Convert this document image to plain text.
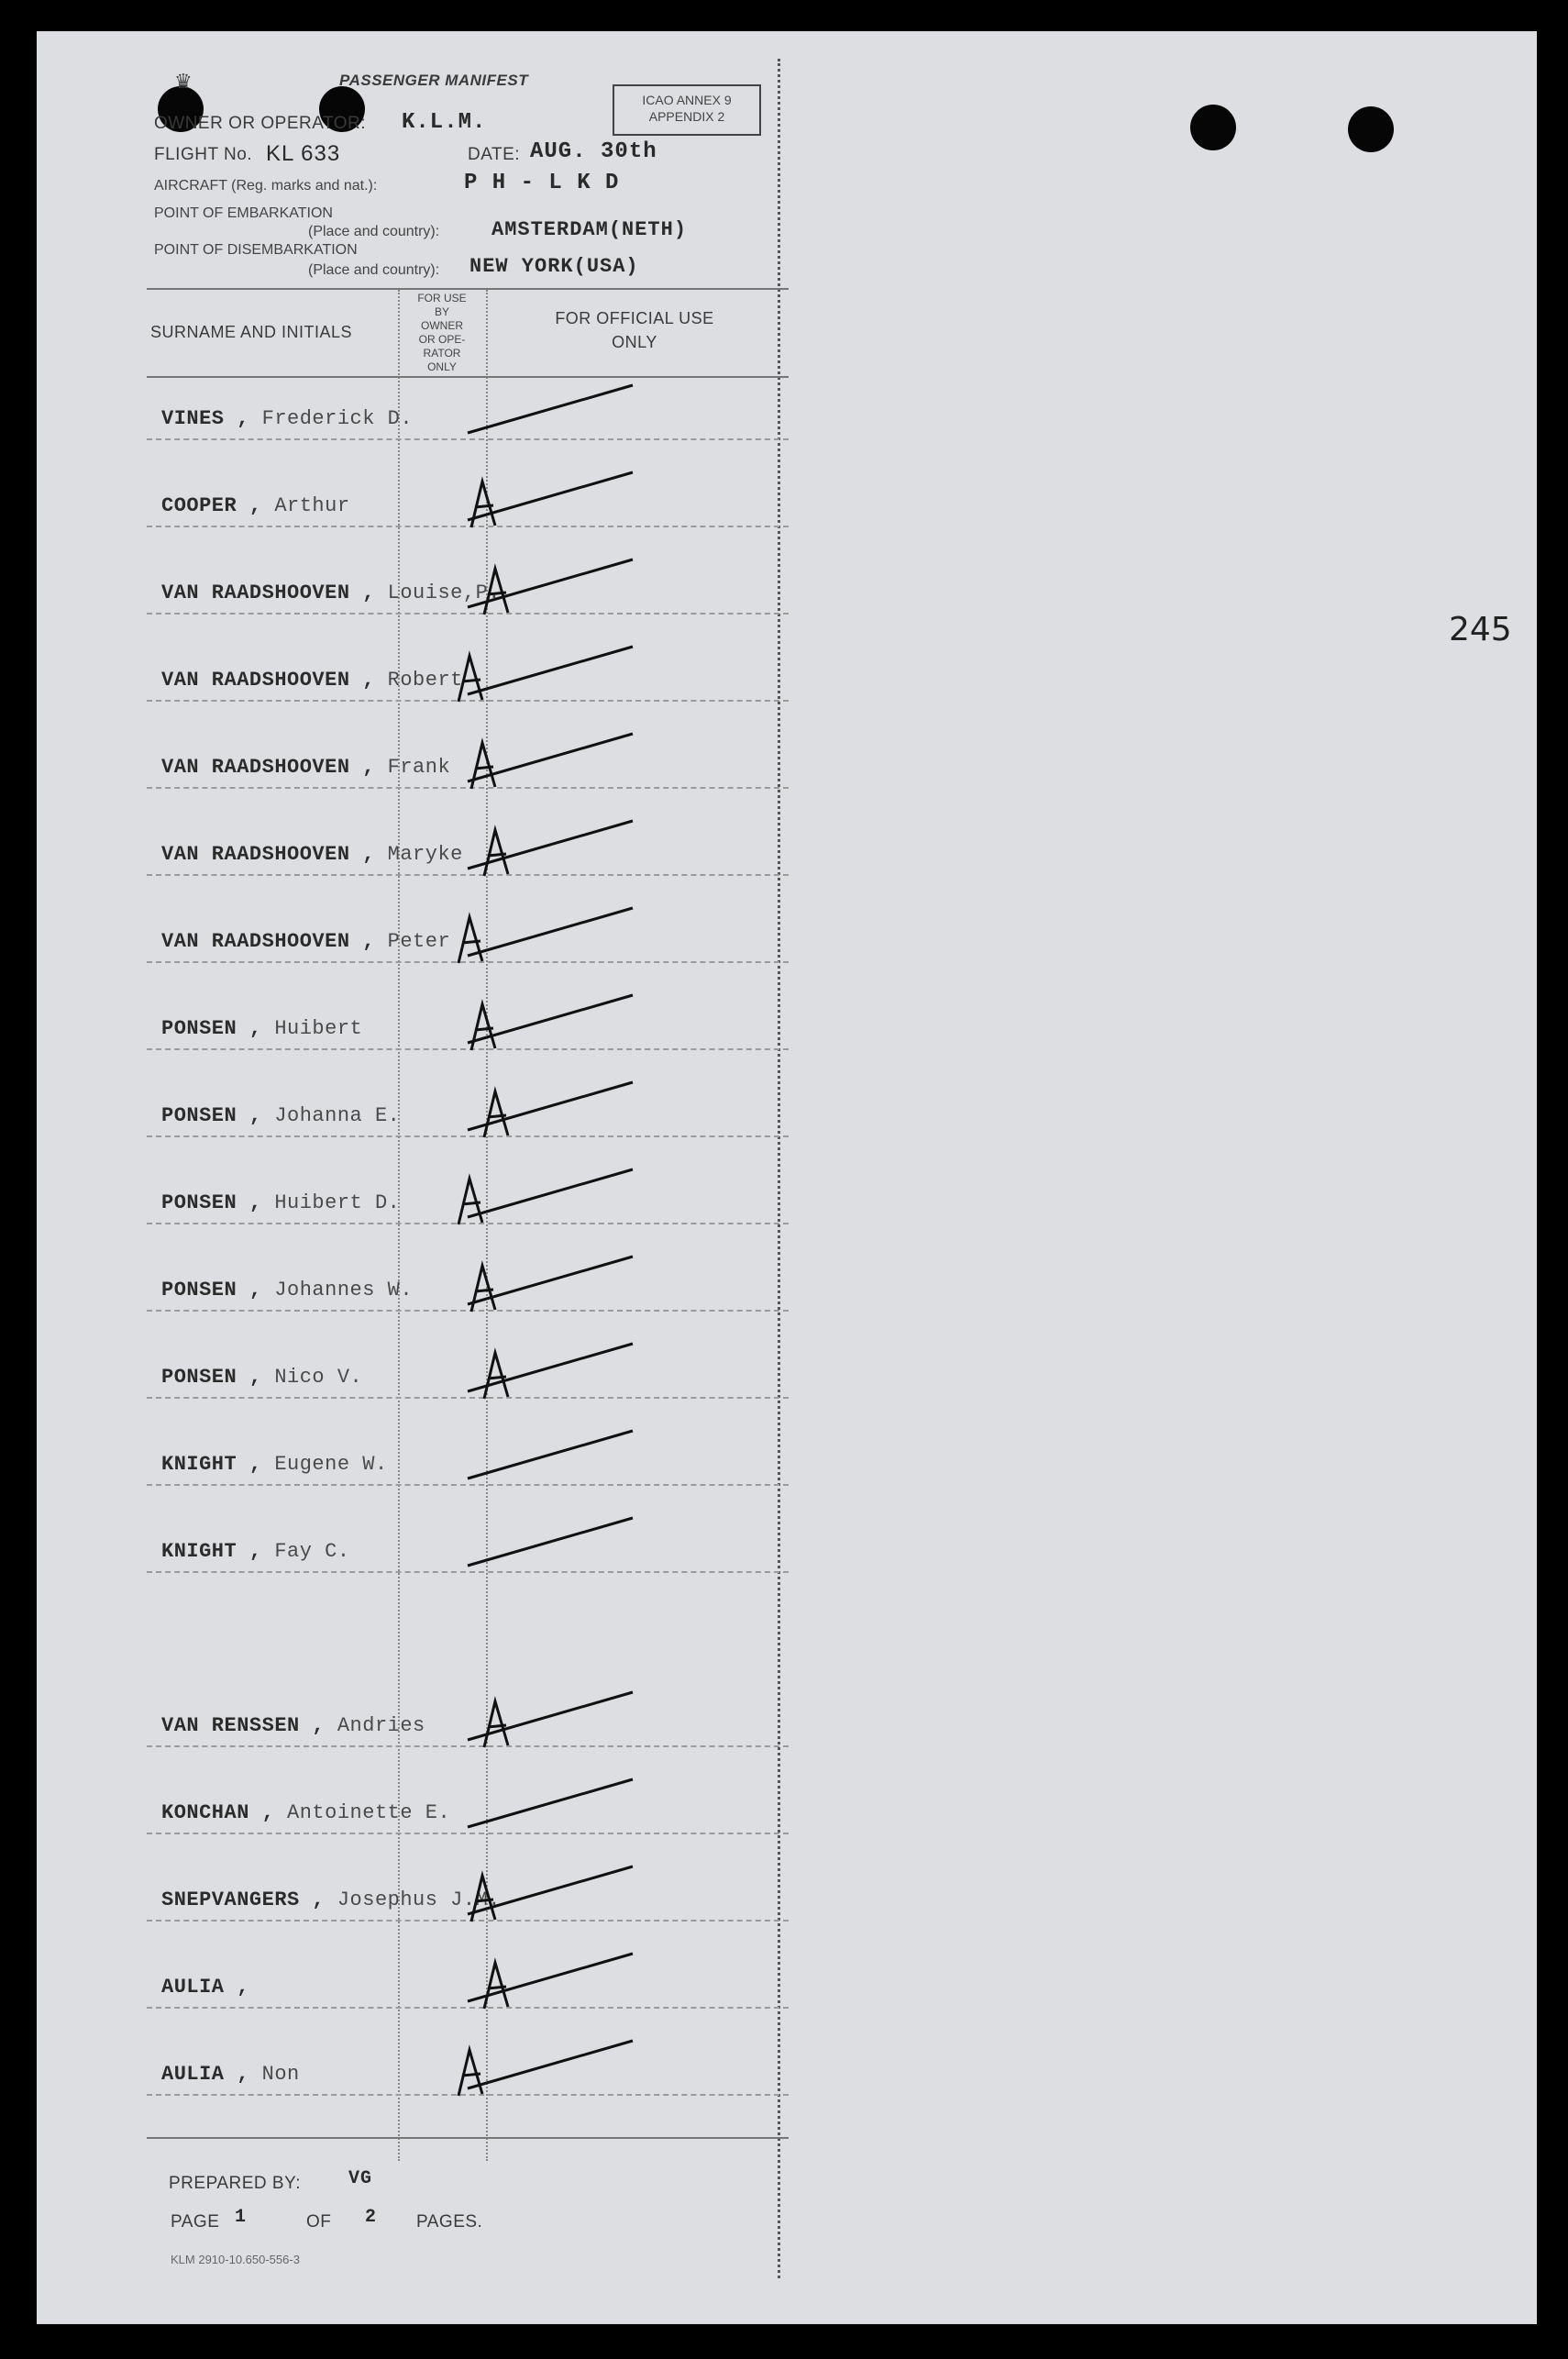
♛	PASSENGER MANIFEST
ICAO ANNEX 9
APPENDIX 2
OWNER OR OPERATOR: K.L.M.
FLIGHT No. KL 633	DATE: AUG. 30th
AIRCRAFT (Reg. marks and nat.):	P H - L K D
POINT OF EMBARKATION
(Place and country):	AMSTERDAM(NETH)
POINT OF DISEMBARKATION
(Place and country): NEW YORK(USA)
SURNAME AND INITIALS
FOR USE
BY
OWNER
OR OPE-
RATOR
ONLY
FOR OFFICIAL USE
ONLY
VINES , Frederick D.
COOPER , Arthur
VAN RAADSHOOVEN , Louise,P.
VAN RAADSHOOVEN , Robert
VAN RAADSHOOVEN , Frank
VAN RAADSHOOVEN , Maryke
VAN RAADSHOOVEN , Peter
PONSEN , Huibert
PONSEN , Johanna E.
PONSEN , Huibert D.
PONSEN , Johannes W.
PONSEN , Nico V.
KNIGHT , Eugene W.
KNIGHT , Fay C.
VAN RENSSEN , Andries
KONCHAN , Antoinette E.
SNEPVANGERS , Josephus J.M.
AULIA ,
AULIA , Non
PREPARED BY:	VG
PAGE 1	OF 2 PAGES.
KLM 2910-10.650-556-3
245
